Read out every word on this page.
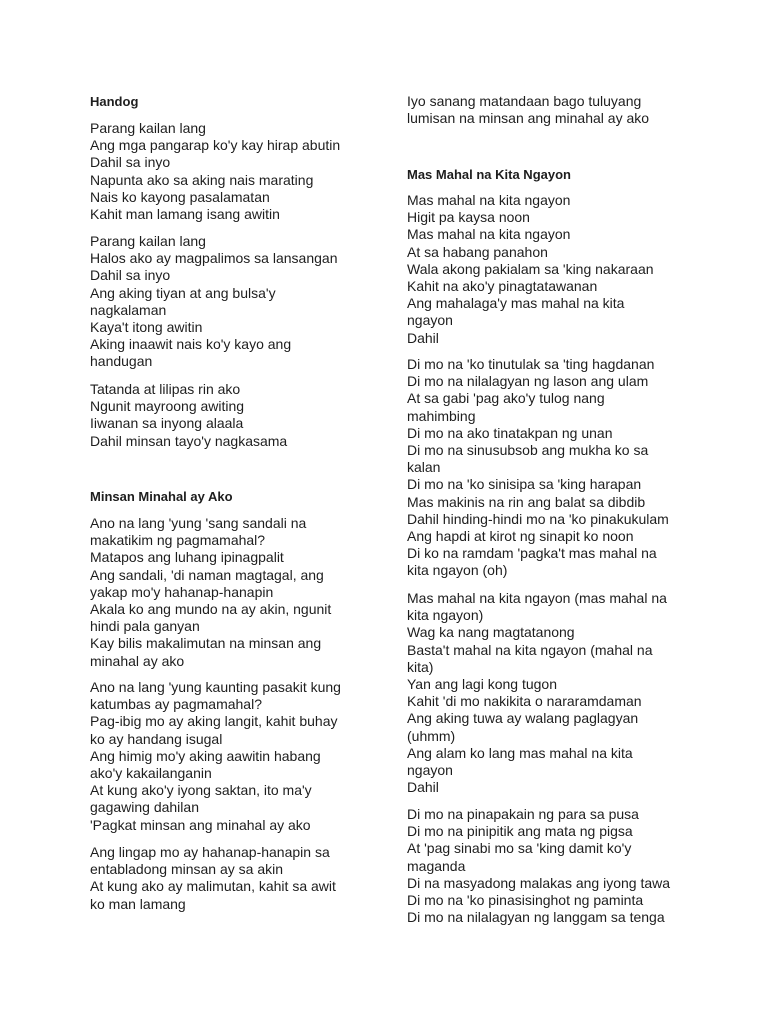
Handog
Parang kailan lang
Ang mga pangarap ko'y kay hirap abutin
Dahil sa inyo
Napunta ako sa aking nais marating
Nais ko kayong pasalamatan
Kahit man lamang isang awitin
Parang kailan lang
Halos ako ay magpalimos sa lansangan
Dahil sa inyo
Ang aking tiyan at ang bulsa'y
nagkalaman
Kaya't itong awitin
Aking inaawit nais ko'y kayo ang
handugan
Tatanda at lilipas rin ako
Ngunit mayroong awiting
Iiwanan sa inyong alaala
Dahil minsan tayo'y nagkasama
Minsan Minahal ay Ako
Ano na lang 'yung 'sang sandali na
makatikim ng pagmamahal?
Matapos ang luhang ipinagpalit
Ang sandali, 'di naman magtagal, ang
yakap mo'y hahanap-hanapin
Akala ko ang mundo na ay akin, ngunit
hindi pala ganyan
Kay bilis makalimutan na minsan ang
minahal ay ako
Ano na lang 'yung kaunting pasakit kung
katumbas ay pagmamahal?
Pag-ibig mo ay aking langit, kahit buhay
ko ay handang isugal
Ang himig mo'y aking aawitin habang
ako'y kakailanganin
At kung ako'y iyong saktan, ito ma'y
gagawing dahilan
'Pagkat minsan ang minahal ay ako
Ang lingap mo ay hahanap-hanapin sa
entabladong minsan ay sa akin
At kung ako ay malimutan, kahit sa awit
ko man lamang
Iyo sanang matandaan bago tuluyang
lumisan na minsan ang minahal ay ako
Mas Mahal na Kita Ngayon
Mas mahal na kita ngayon
Higit pa kaysa noon
Mas mahal na kita ngayon
At sa habang panahon
Wala akong pakialam sa 'king nakaraan
Kahit na ako'y pinagtatawanan
Ang mahalaga'y mas mahal na kita
ngayon
Dahil
Di mo na 'ko tinutulak sa 'ting hagdanan
Di mo na nilalagyan ng lason ang ulam
At sa gabi 'pag ako'y tulog nang
mahimbing
Di mo na ako tinatakpan ng unan
Di mo na sinusubsob ang mukha ko sa
kalan
Di mo na 'ko sinisipa sa 'king harapan
Mas makinis na rin ang balat sa dibdib
Dahil hinding-hindi mo na 'ko pinakukulam
Ang hapdi at kirot ng sinapit ko noon
Di ko na ramdam 'pagka't mas mahal na
kita ngayon (oh)
Mas mahal na kita ngayon (mas mahal na
kita ngayon)
Wag ka nang magtatanong
Basta't mahal na kita ngayon (mahal na
kita)
Yan ang lagi kong tugon
Kahit 'di mo nakikita o nararamdaman
Ang aking tuwa ay walang paglagyan
(uhmm)
Ang alam ko lang mas mahal na kita
ngayon
Dahil
Di mo na pinapakain ng para sa pusa
Di mo na pinipitik ang mata ng pigsa
At 'pag sinabi mo sa 'king damit ko'y
maganda
Di na masyadong malakas ang iyong tawa
Di mo na 'ko pinasisinghot ng paminta
Di mo na nilalagyan ng langgam sa tenga
